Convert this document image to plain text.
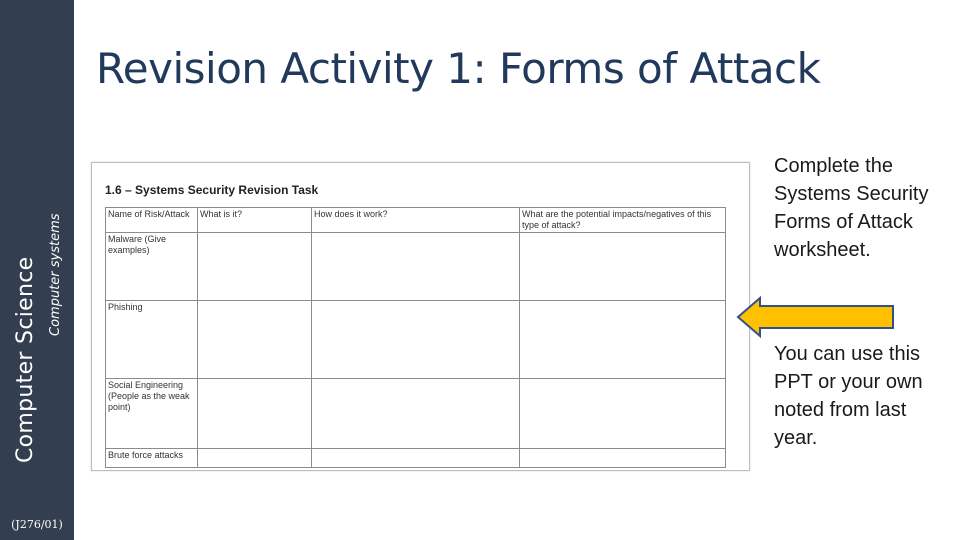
Computer Science Computer systems
(J276/01)
Revision Activity 1: Forms of Attack
1.6 – Systems Security Revision Task
Name of Risk/Attack	What is it?	How does it work?	What are the potential impacts/negatives of this type of attack?
Malware (Give examples)			
Phishing			
Social Engineering (People as the weak point)			
Brute force attacks			
Complete the Systems Security Forms of Attack worksheet.
You can use this PPT or your own noted from last year.
